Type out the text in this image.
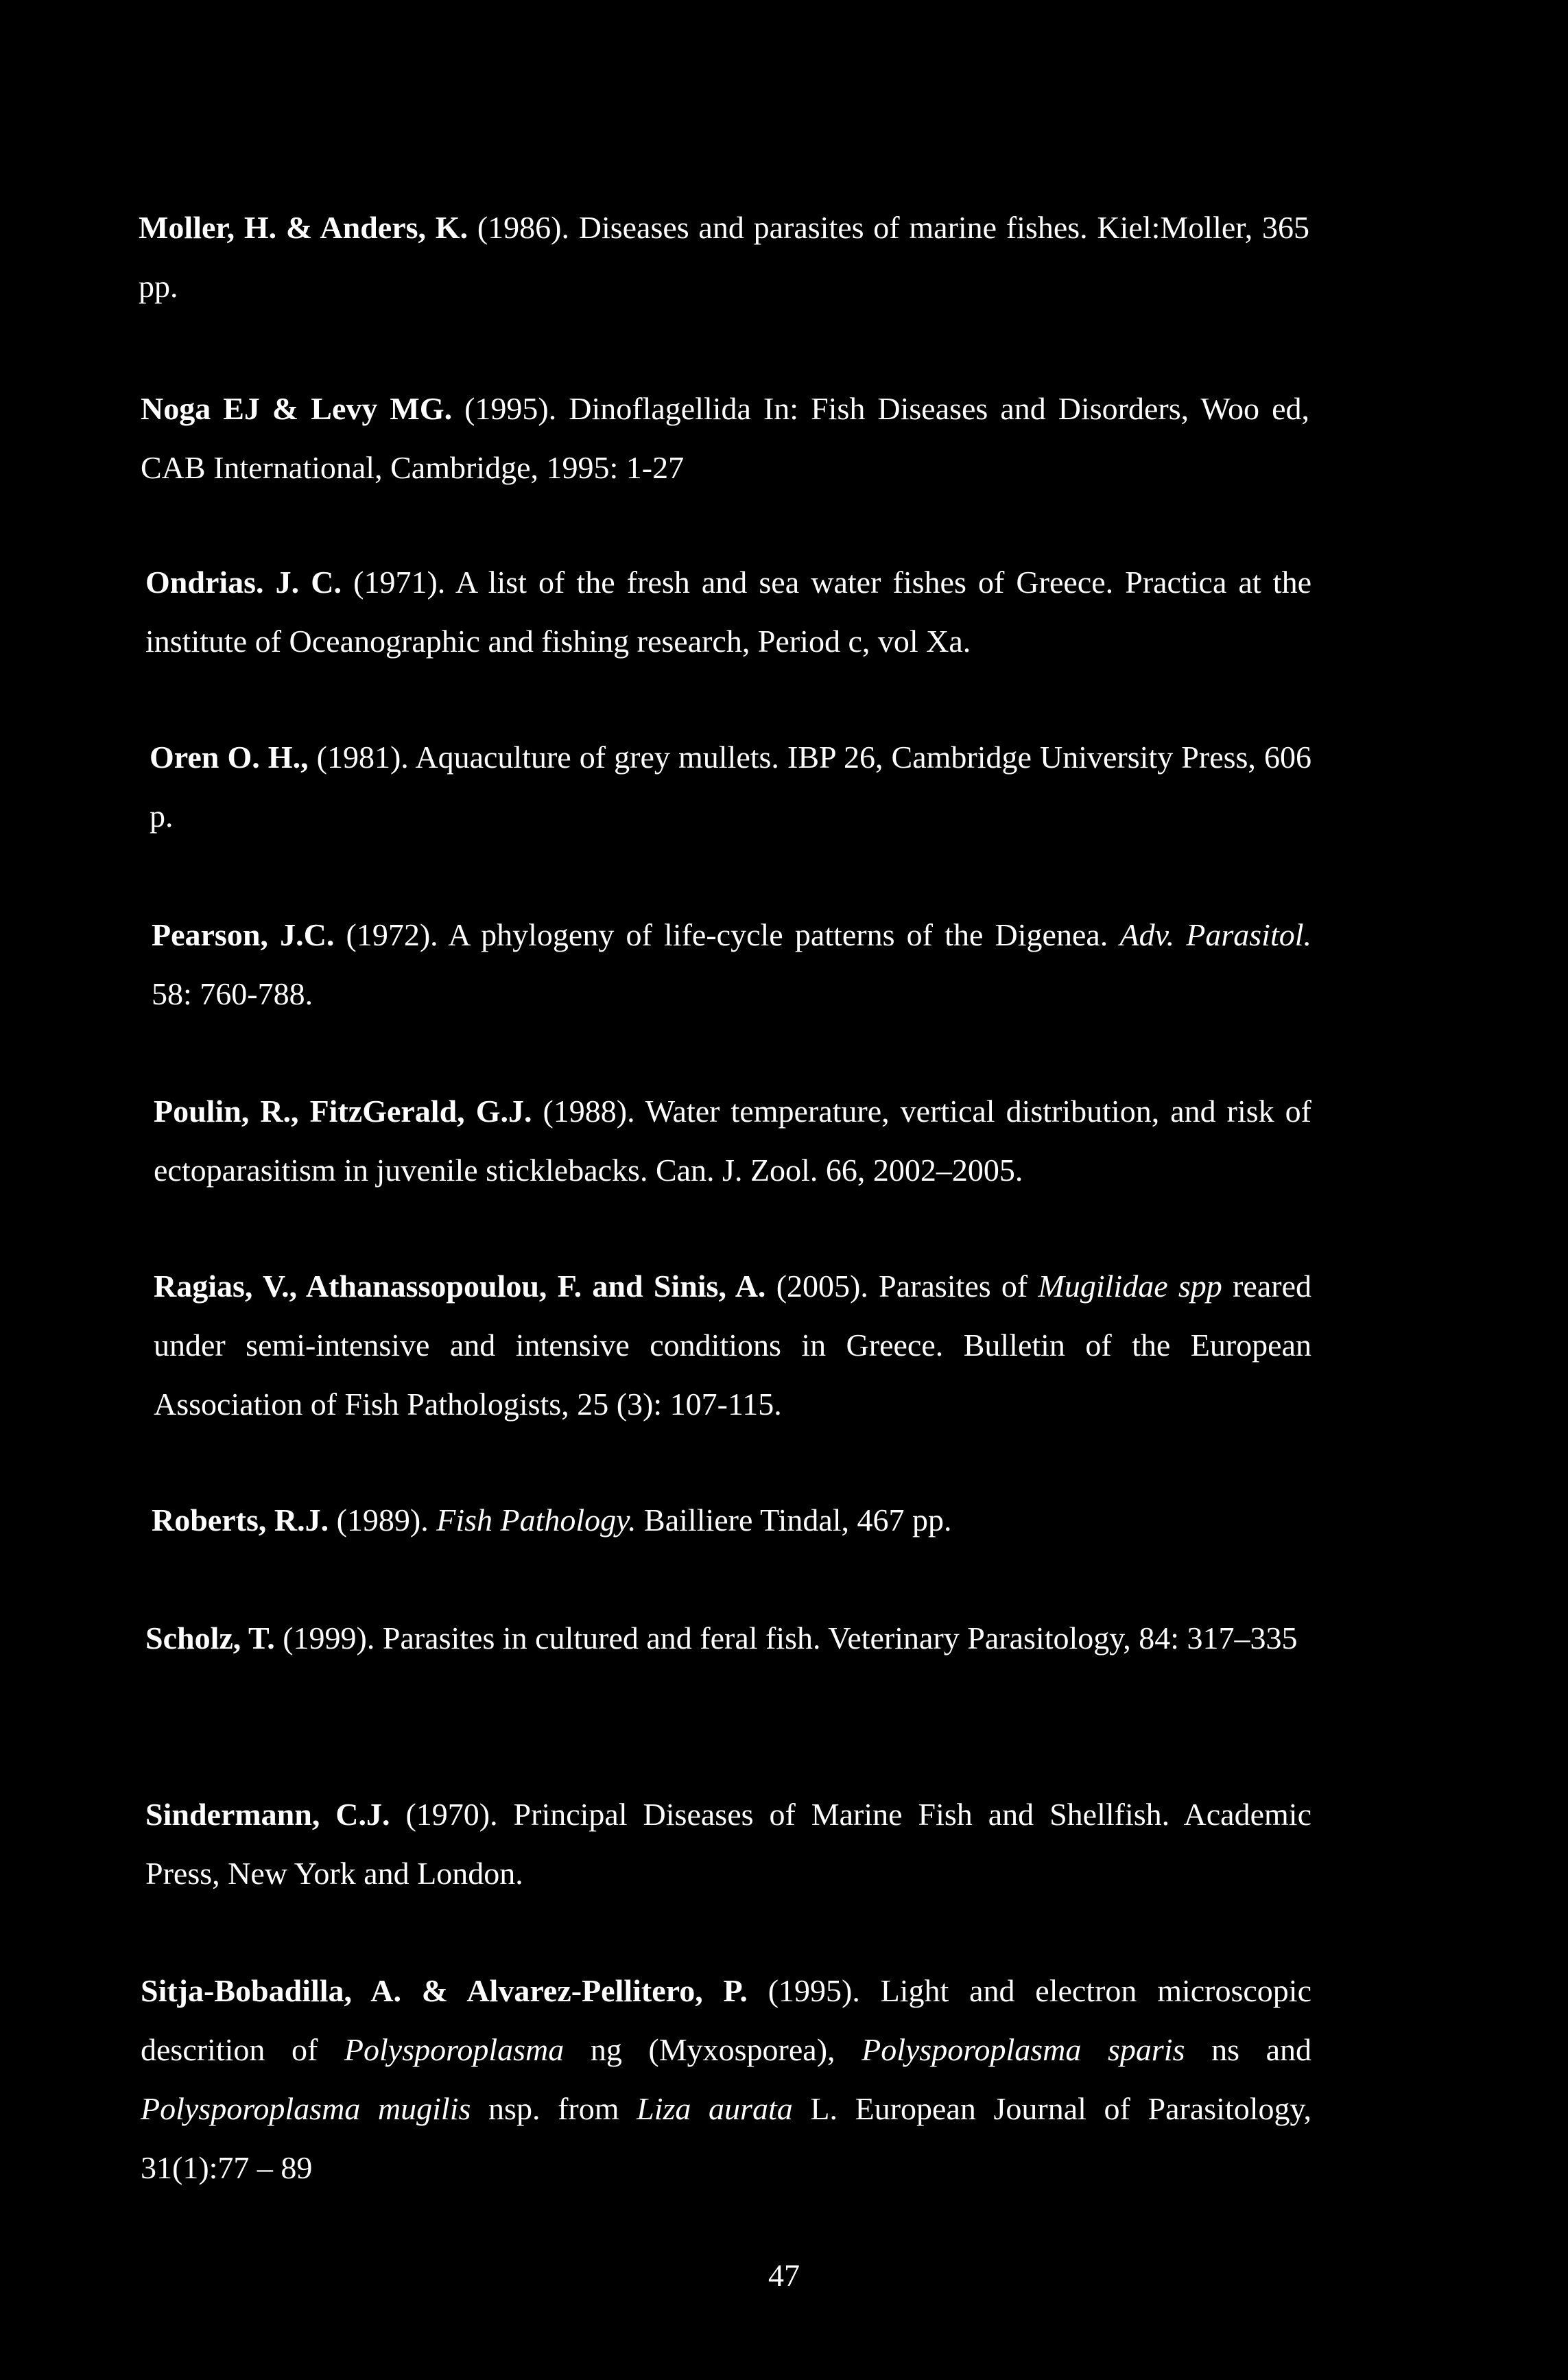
Moller, H. & Anders, K. (1986). Diseases and parasites of marine fishes. Kiel:Moller, 365 pp.

Noga EJ & Levy MG. (1995). Dinoflagellida In: Fish Diseases and Disorders, Woo ed, CAB International, Cambridge, 1995: 1-27

Ondrias. J. C. (1971). A list of the fresh and sea water fishes of Greece. Practica at the institute of Oceanographic and fishing research, Period c, vol Xa.

Oren O. H., (1981). Aquaculture of grey mullets. IBP 26, Cambridge University Press, 606 p.

Pearson, J.C. (1972). A phylogeny of life-cycle patterns of the Digenea. Adv. Parasitol. 58: 760-788.

Poulin, R., FitzGerald, G.J. (1988). Water temperature, vertical distribution, and risk of ectoparasitism in juvenile sticklebacks. Can. J. Zool. 66, 2002–2005.

Ragias, V., Athanassopoulou, F. and Sinis, A. (2005). Parasites of Mugilidae spp reared under semi-intensive and intensive conditions in Greece. Bulletin of the European Association of Fish Pathologists, 25 (3): 107-115.

Roberts, R.J. (1989). Fish Pathology. Bailliere Tindal, 467 pp.

Scholz, T. (1999). Parasites in cultured and feral fish. Veterinary Parasitology, 84: 317–335

Sindermann, C.J. (1970). Principal Diseases of Marine Fish and Shellfish. Academic Press, New York and London.

Sitja-Bobadilla, A. & Alvarez-Pellitero, P. (1995). Light and electron microscopic descrition of Polysporoplasma ng (Myxosporea), Polysporoplasma sparis ns and Polysporoplasma mugilis nsp. from Liza aurata L. European Journal of Parasitology, 31(1):77 – 89

47
